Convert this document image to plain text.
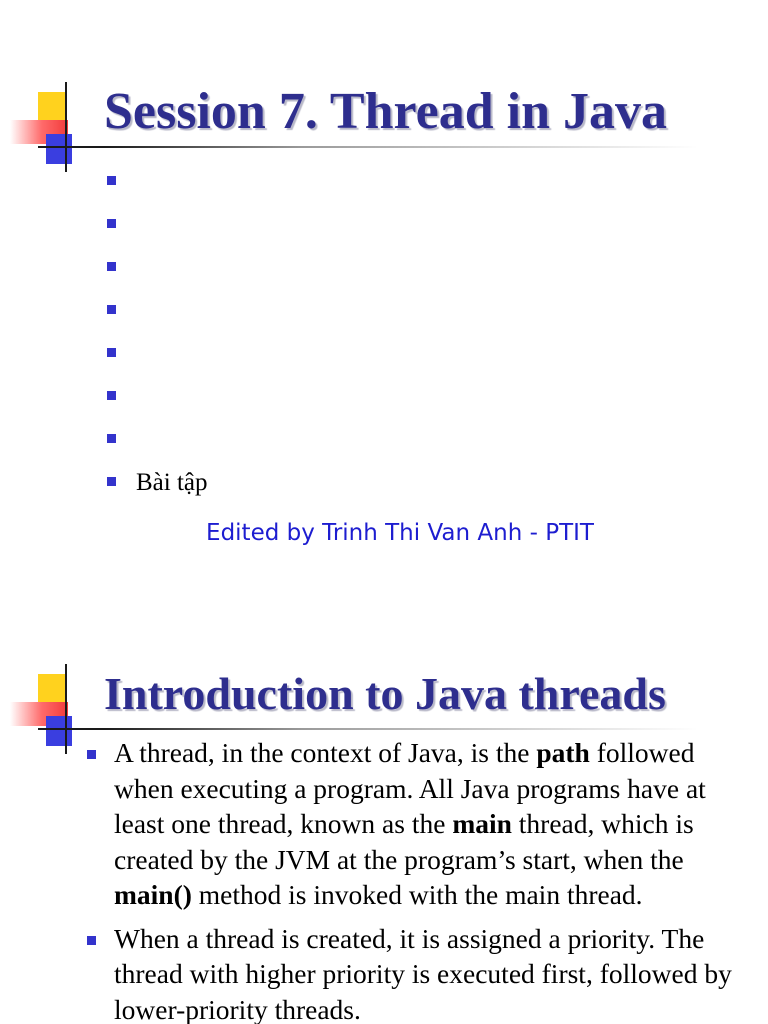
Session 7. Thread in Java
Bài tập
Edited by Trinh Thi Van Anh - PTIT
Introduction to Java threads

A thread, in the context of Java, is the path followed when executing a program. All Java programs have at least one thread, known as the main thread, which is created by the JVM at the program’s start, when the main() method is invoked with the main thread.

When a thread is created, it is assigned a priority. The thread with higher priority is executed first, followed by lower-priority threads.
